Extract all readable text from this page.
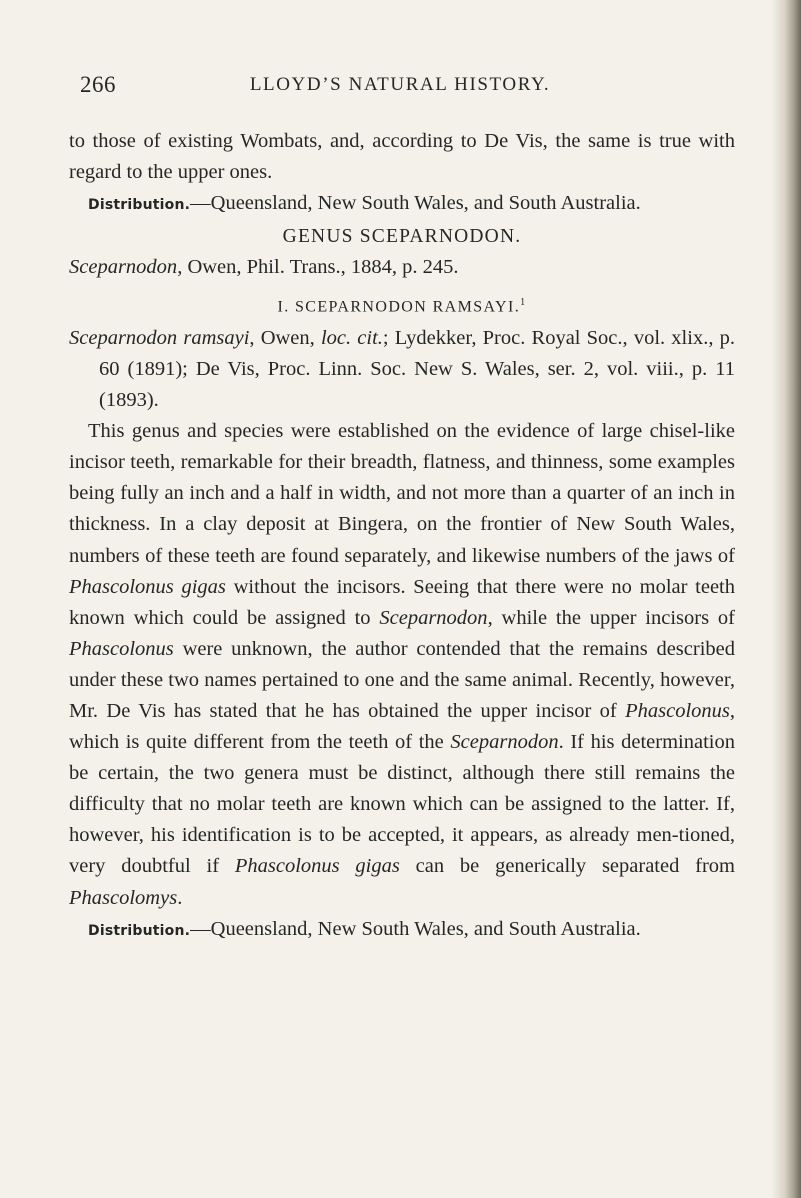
266	LLOYD’S NATURAL HISTORY.

to those of existing Wombats, and, according to De Vis, the same is true with regard to the upper ones.

Distribution.—Queensland, New South Wales, and South Australia.

GENUS SCEPARNODON.

Sceparnodon, Owen, Phil. Trans., 1884, p. 245.

I. SCEPARNODON RAMSAYI.$^1$

Sceparnodon ramsayi, Owen, loc. cit.; Lydekker, Proc. Royal Soc., vol. xlix., p. 60 (1891); De Vis, Proc. Linn. Soc. New S. Wales, ser. 2, vol. viii., p. 11 (1893).

This genus and species were established on the evidence of large chisel-like incisor teeth, remarkable for their breadth, flatness, and thinness, some examples being fully an inch and a half in width, and not more than a quarter of an inch in thickness. In a clay deposit at Bingera, on the frontier of New South Wales, numbers of these teeth are found separately, and likewise numbers of the jaws of Phascolonus gigas without the incisors. Seeing that there were no molar teeth known which could be assigned to Sceparnodon, while the upper incisors of Phascolonus were unknown, the author contended that the remains described under these two names pertained to one and the same animal. Recently, however, Mr. De Vis has stated that he has obtained the upper incisor of Phascolonus, which is quite different from the teeth of the Sceparnodon. If his determination be certain, the two genera must be distinct, although there still remains the difficulty that no molar teeth are known which can be assigned to the latter. If, however, his identification is to be accepted, it appears, as already men-tioned, very doubtful if Phascolonus gigas can be generically separated from Phascolomys.

Distribution.—Queensland, New South Wales, and South Australia.
